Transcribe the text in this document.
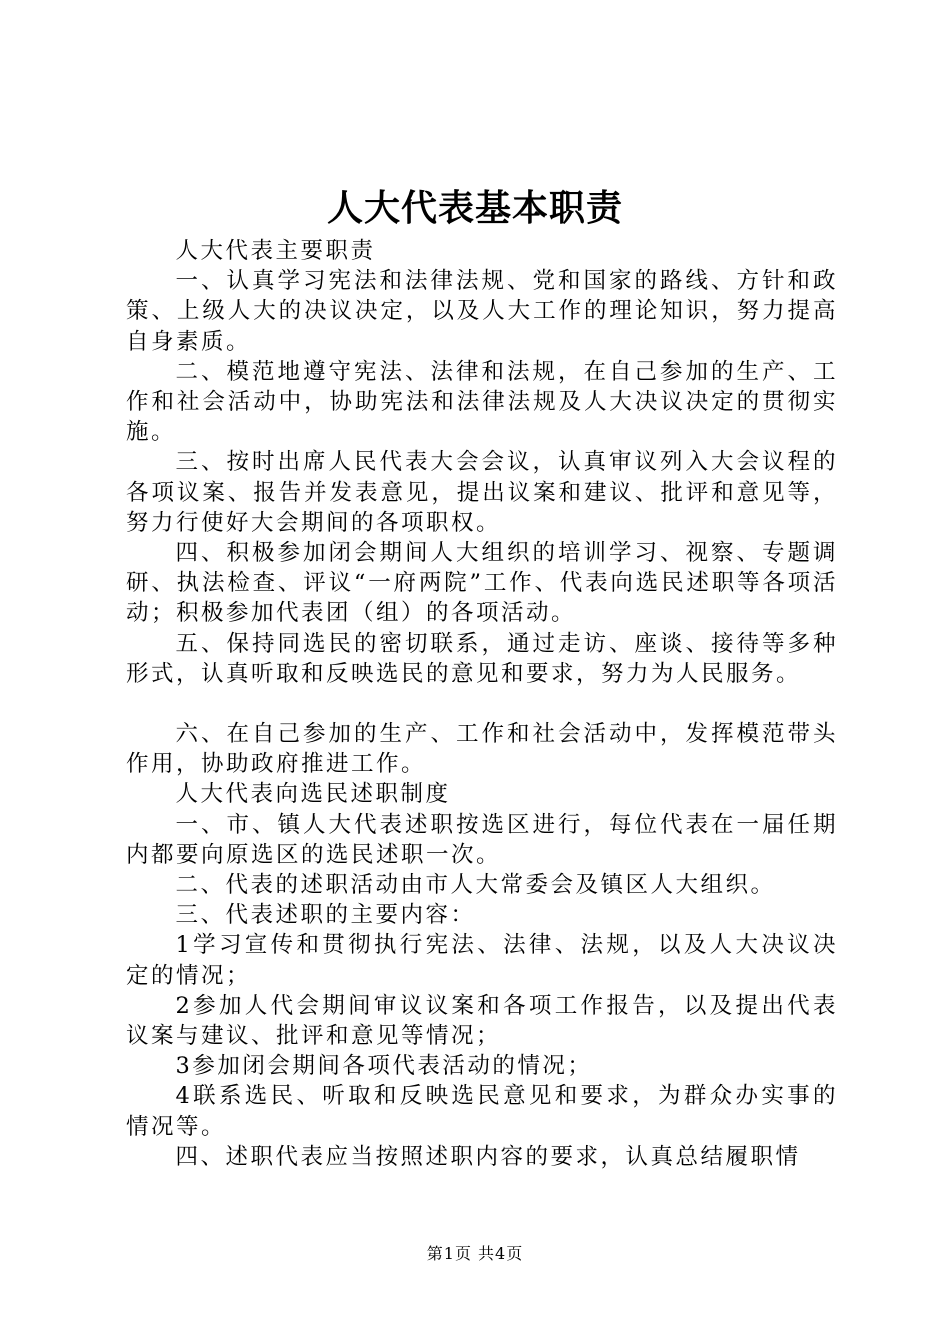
人大代表基本职责

人大代表主要职责

一、认真学习宪法和法律法规、党和国家的路线、方针和政策、上级人大的决议决定，以及人大工作的理论知识，努力提高自身素质。

二、模范地遵守宪法、法律和法规，在自己参加的生产、工作和社会活动中，协助宪法和法律法规及人大决议决定的贯彻实施。

三、按时出席人民代表大会会议，认真审议列入大会议程的各项议案、报告并发表意见，提出议案和建议、批评和意见等，努力行使好大会期间的各项职权。

四、积极参加闭会期间人大组织的培训学习、视察、专题调研、执法检查、评议“一府两院”工作、代表向选民述职等各项活动；积极参加代表团（组）的各项活动。

五、保持同选民的密切联系，通过走访、座谈、接待等多种形式，认真听取和反映选民的意见和要求，努力为人民服务。

六、在自己参加的生产、工作和社会活动中，发挥模范带头作用，协助政府推进工作。

人大代表向选民述职制度

一、市、镇人大代表述职按选区进行，每位代表在一届任期内都要向原选区的选民述职一次。

二、代表的述职活动由市人大常委会及镇区人大组织。

三、代表述职的主要内容：

1学习宣传和贯彻执行宪法、法律、法规，以及人大决议决定的情况；

2参加人代会期间审议议案和各项工作报告，以及提出代表议案与建议、批评和意见等情况；

3参加闭会期间各项代表活动的情况；

4联系选民、听取和反映选民意见和要求，为群众办实事的情况等。

四、述职代表应当按照述职内容的要求，认真总结履职情

第1页 共4页
